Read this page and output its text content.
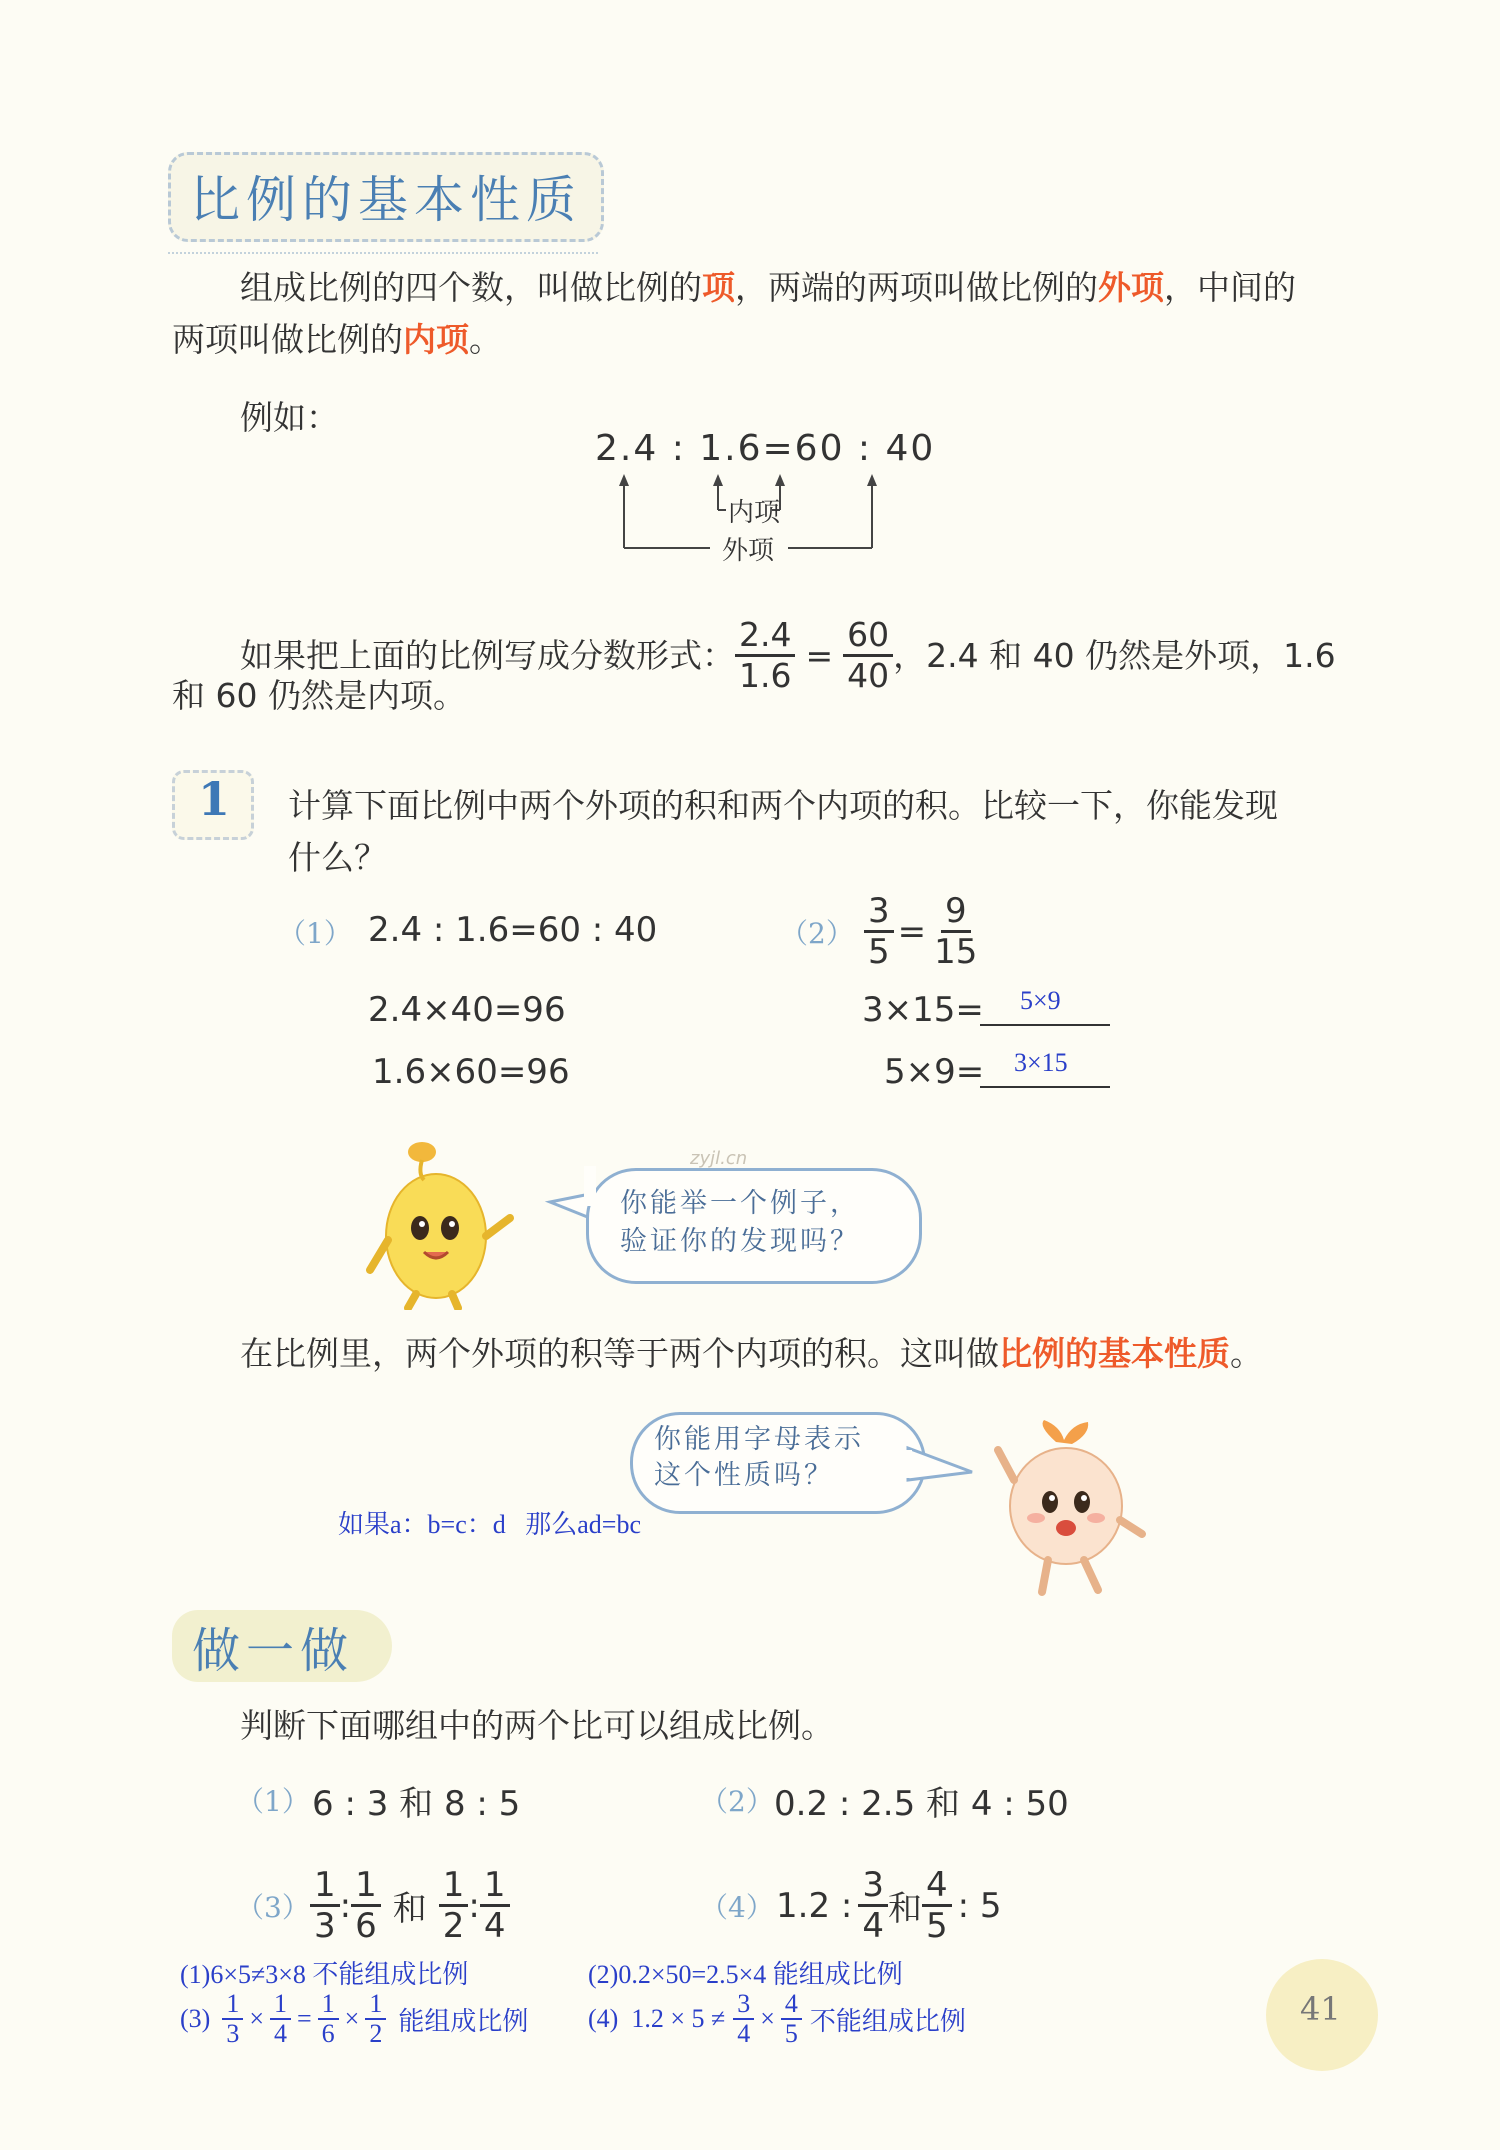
比例的基本性质
组成比例的四个数，叫做比例的项，两端的两项叫做比例的外项，中间的
两项叫做比例的内项。
例如：
2.4 : 1.6=60 : 40
内项
外项
如果把上面的比例写成分数形式： $\frac{2.4}{1.6} = \frac{60}{40}$ ，2.4 和 40 仍然是外项，1.6
和 60 仍然是内项。
1 计算下面比例中两个外项的积和两个内项的积。比较一下，你能发现
什么？
（1） 2.4 : 1.6=60 : 40
2.4×40=96
1.6×60=96
$(2) \frac{3}{5} = \frac{9}{15}$
3×15= 5×9
5×9= 3×15
你能举一个例子，
验证你的发现吗？
zyjl.cn
在比例里，两个外项的积等于两个内项的积。这叫做比例的基本性质。
你能用字母表示
这个性质吗？
如果a：b=c：d   那么ad=bc
做一做
判断下面哪组中的两个比可以组成比例。
（1） 6 : 3 和 8 : 5	（2） 0.2 : 2.5 和 4 : 50
$(3) \frac{1}{3}$ : $\frac{1}{6}$ 和 $\frac{1}{2}$ : $\frac{1}{4}$	（4） 1.2 : $\frac{3}{4}$ 和 $\frac{4}{5}$ : 5
(1)6×5≠3×8 不能组成比例	(2)0.2×50=2.5×4 能组成比例
$(3) \frac{1}{3} \times \frac{1}{4} = \frac{1}{6} \times \frac{1}{2}$ 能组成比例 (4)  $1.2 \times 5 \ne \frac{3}{4} \times \frac{4}{5}$ 不能组成比例	41
